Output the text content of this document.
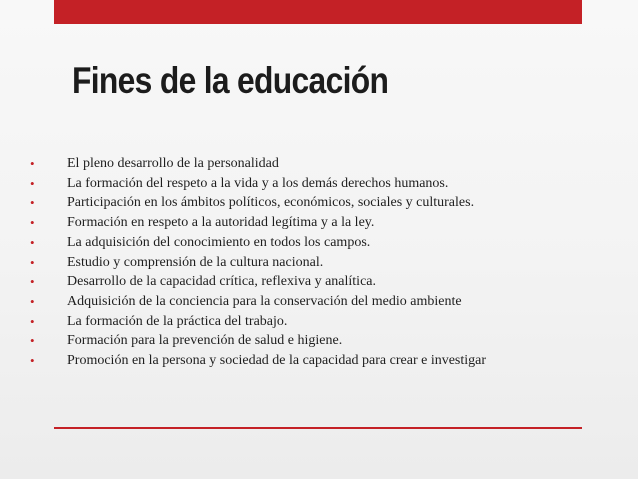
Fines de la educación
• El pleno desarrollo de la personalidad
• La formación del respeto a la vida y a los demás derechos humanos.
• Participación en los ámbitos políticos, económicos, sociales y culturales.
• Formación en respeto a la autoridad legítima y a la ley.
• La adquisición del conocimiento en todos los campos.
• Estudio y comprensión de la cultura nacional.
• Desarrollo de la capacidad crítica, reflexiva y analítica.
• Adquisición de la conciencia para la conservación del medio ambiente
• La formación de la práctica del trabajo.
• Formación para la prevención de salud e higiene.
• Promoción en la persona y sociedad de la capacidad para crear e investigar
